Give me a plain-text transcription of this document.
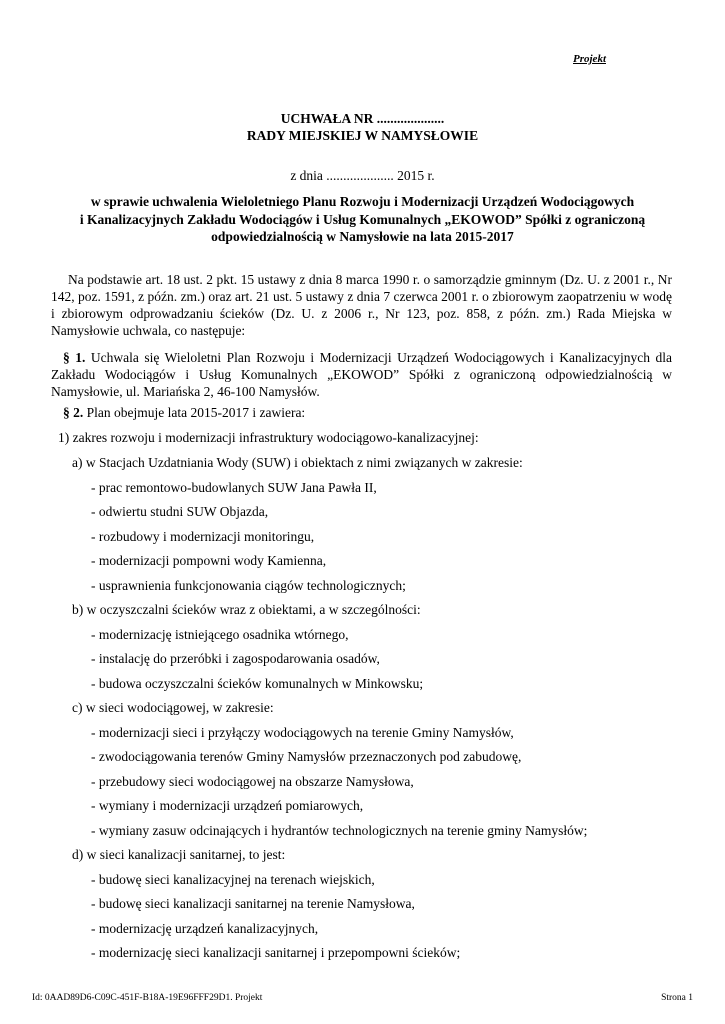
Projekt
UCHWAŁA NR ....................
RADY MIEJSKIEJ W NAMYSŁOWIE
z dnia .................... 2015 r.
w sprawie uchwalenia Wieloletniego Planu Rozwoju i Modernizacji Urządzeń Wodociągowych
i Kanalizacyjnych Zakładu Wodociągów i Usług Komunalnych „EKOWOD” Spółki z ograniczoną
odpowiedzialnością w Namysłowie na lata 2015-2017
Na podstawie art. 18 ust. 2 pkt. 15 ustawy z dnia 8 marca 1990 r. o samorządzie gminnym (Dz. U. z 2001 r., Nr 142, poz. 1591, z późn. zm.) oraz art. 21 ust. 5 ustawy z dnia 7 czerwca 2001 r. o zbiorowym zaopatrzeniu w wodę i zbiorowym odprowadzaniu ścieków (Dz. U. z 2006 r., Nr 123, poz. 858, z późn. zm.) Rada Miejska w Namysłowie uchwala, co następuje:
§ 1. Uchwala się Wieloletni Plan Rozwoju i Modernizacji Urządzeń Wodociągowych i Kanalizacyjnych dla Zakładu Wodociągów i Usług Komunalnych „EKOWOD” Spółki z ograniczoną odpowiedzialnością w Namysłowie, ul. Mariańska 2, 46-100 Namysłów.
§ 2. Plan obejmuje lata 2015-2017 i zawiera:
1) zakres rozwoju i modernizacji infrastruktury wodociągowo-kanalizacyjnej:
a) w Stacjach Uzdatniania Wody (SUW) i obiektach z nimi związanych w zakresie:
- prac remontowo-budowlanych SUW Jana Pawła II,
- odwiertu studni SUW Objazda,
- rozbudowy i modernizacji monitoringu,
- modernizacji pompowni wody Kamienna,
- usprawnienia funkcjonowania ciągów technologicznych;
b) w oczyszczalni ścieków wraz z obiektami, a w szczególności:
- modernizację istniejącego osadnika wtórnego,
- instalację do przeróbki i zagospodarowania osadów,
- budowa oczyszczalni ścieków komunalnych w Minkowsku;
c) w sieci wodociągowej, w zakresie:
- modernizacji sieci i przyłączy wodociągowych na terenie Gminy Namysłów,
- zwodociągowania terenów Gminy Namysłów przeznaczonych pod zabudowę,
- przebudowy sieci wodociągowej na obszarze Namysłowa,
- wymiany i modernizacji urządzeń pomiarowych,
- wymiany zasuw odcinających i hydrantów technologicznych na terenie gminy Namysłów;
d) w sieci kanalizacji sanitarnej, to jest:
- budowę sieci kanalizacyjnej na terenach wiejskich,
- budowę sieci kanalizacji sanitarnej na terenie Namysłowa,
- modernizację urządzeń kanalizacyjnych,
- modernizację sieci kanalizacji sanitarnej i przepompowni ścieków;
Id: 0AAD89D6-C09C-451F-B18A-19E96FFF29D1. Projekt	Strona 1
